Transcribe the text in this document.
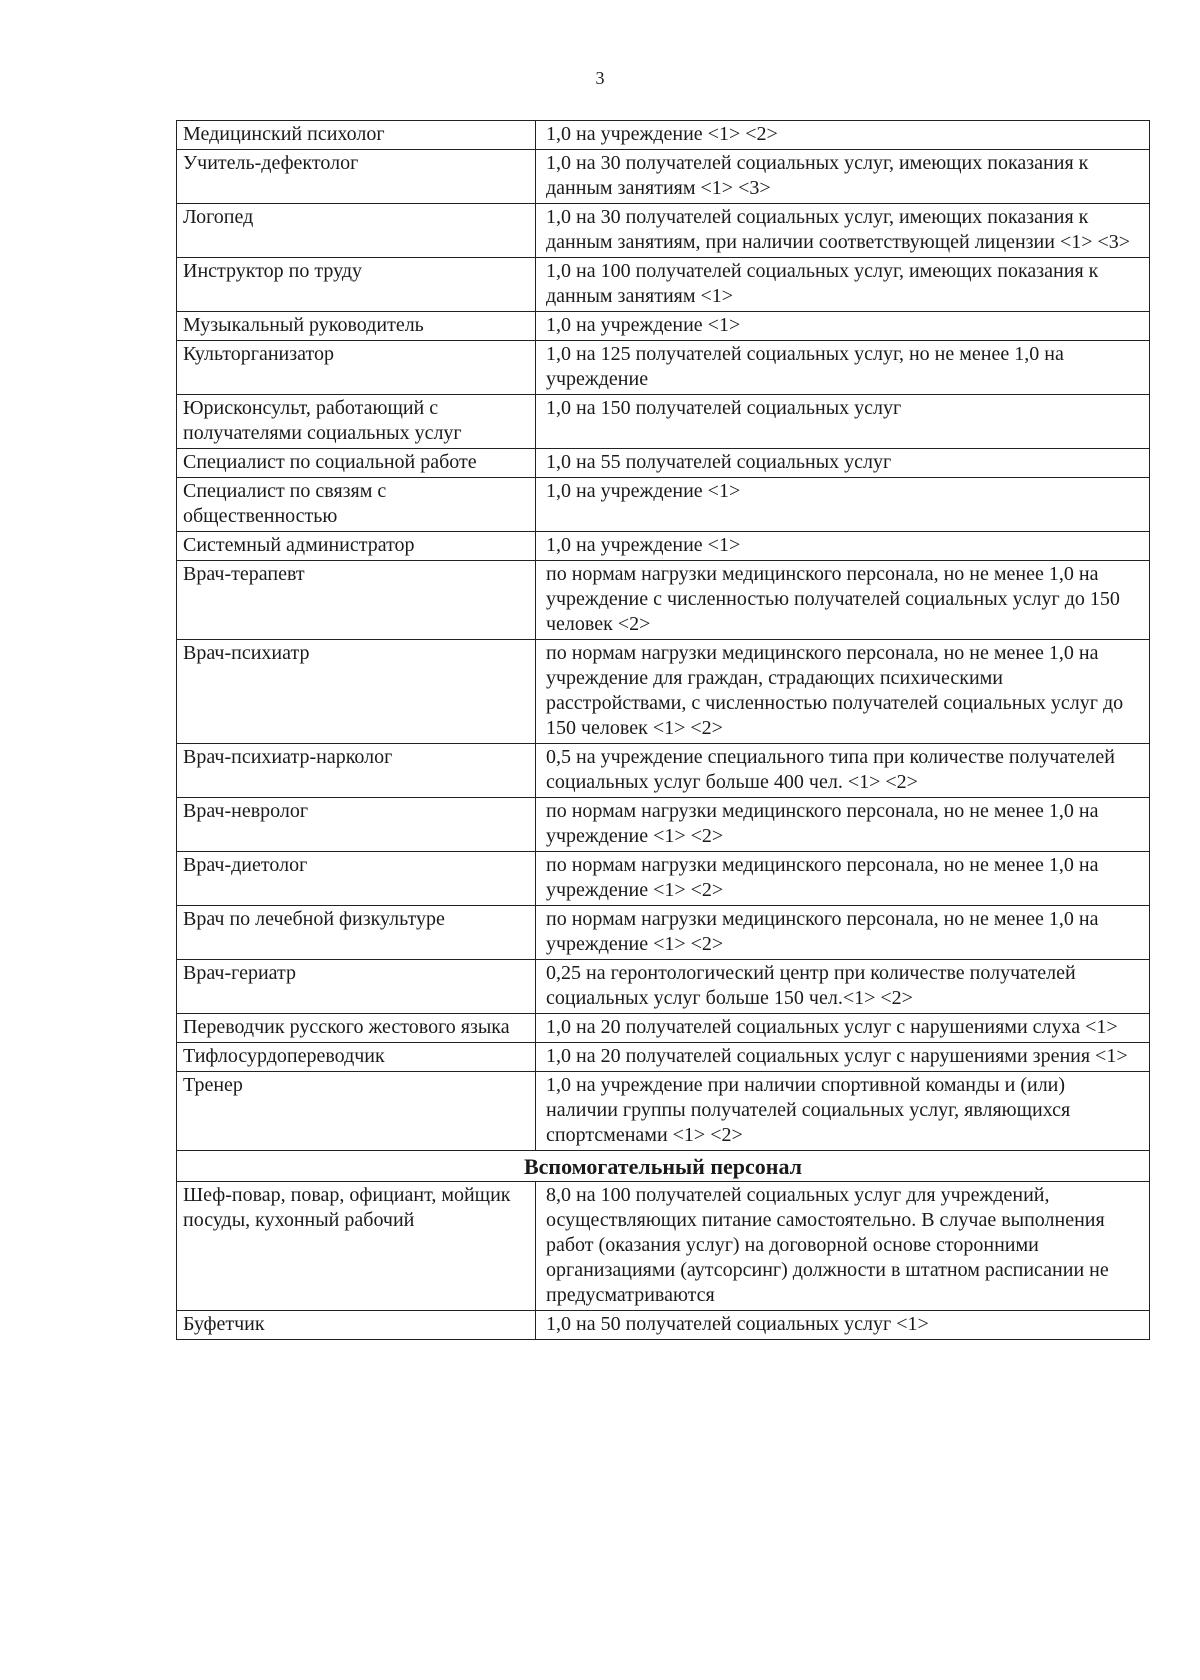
3
Медицинский психолог	1,0 на учреждение <1> <2>
Учитель-дефектолог	1,0 на 30 получателей социальных услуг, имеющих показания к данным занятиям <1> <3>
Логопед	1,0 на 30 получателей социальных услуг, имеющих показания к данным занятиям, при наличии соответствующей лицензии <1> <3>
Инструктор по труду	1,0 на 100 получателей социальных услуг, имеющих показания к данным занятиям <1>
Музыкальный руководитель	1,0 на учреждение <1>
Культорганизатор	1,0 на 125 получателей социальных услуг, но не менее 1,0 на учреждение
Юрисконсульт, работающий с получателями социальных услуг	1,0 на 150 получателей социальных услуг
Специалист по социальной работе	1,0 на 55 получателей социальных услуг
Специалист по связям с общественностью	1,0 на учреждение <1>
Системный администратор	1,0 на учреждение <1>
Врач-терапевт	по нормам нагрузки медицинского персонала, но не менее 1,0 на учреждение с численностью получателей социальных услуг до 150 человек <2>
Врач-психиатр	по нормам нагрузки медицинского персонала, но не менее 1,0 на учреждение для граждан, страдающих психическими расстройствами, с численностью получателей социальных услуг до 150 человек <1> <2>
Врач-психиатр-нарколог	0,5 на учреждение специального типа при количестве получателей социальных услуг больше 400 чел. <1> <2>
Врач-невролог	по нормам нагрузки медицинского персонала, но не менее 1,0 на учреждение <1> <2>
Врач-диетолог	по нормам нагрузки медицинского персонала, но не менее 1,0 на учреждение <1> <2>
Врач по лечебной физкультуре	по нормам нагрузки медицинского персонала, но не менее 1,0 на учреждение <1> <2>
Врач-гериатр	0,25 на геронтологический центр при количестве получателей социальных услуг больше 150 чел.<1> <2>
Переводчик русского жестового языка	1,0 на 20 получателей социальных услуг с нарушениями слуха <1>
Тифлосурдопереводчик	1,0 на 20 получателей социальных услуг с нарушениями зрения <1>
Тренер	1,0 на учреждение при наличии спортивной команды и (или) наличии группы получателей социальных услуг, являющихся спортсменами <1> <2>
Вспомогательный персонал	
Шеф-повар, повар, официант, мойщик посуды, кухонный рабочий	8,0 на 100 получателей социальных услуг для учреждений, осуществляющих питание самостоятельно. В случае выполнения работ (оказания услуг) на договорной основе сторонними организациями (аутсорсинг) должности в штатном расписании не предусматриваются
Буфетчик	1,0 на 50 получателей социальных услуг <1>
